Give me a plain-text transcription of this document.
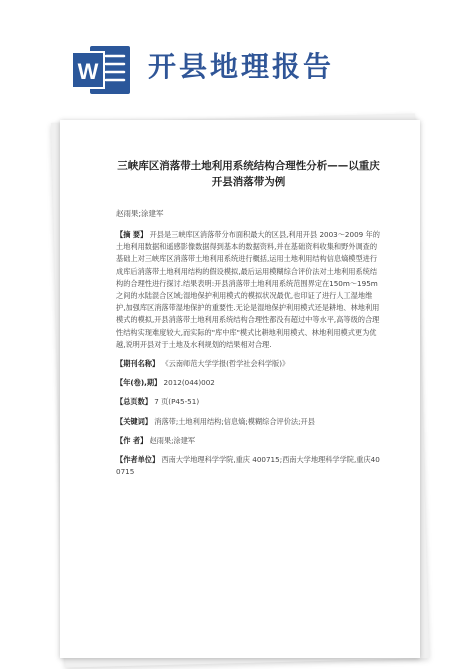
W 开县地理报告
三峡库区消落带土地利用系统结构合理性分析——以重庆开县消落带为例
赵雨果;涂建军
【摘 要】 开县是三峡库区消落带分布面积最大的区县,利用开县 2003～2009 年的土地利用数据和遥感影像数据得到基本的数据资料,并在基础资料收集和野外调查的基础上对三峡库区消落带土地利用系统进行概括,运用土地利用结构信息熵模型进行成库后消落带土地利用结构的假设模拟,最后运用模糊综合评价法对土地利用系统结构的合理性进行探讨.结果表明:开县消落带土地利用系统范围界定在150m～195m 之间的水陆混合区域;湿地保护利用模式的模拟状况最优,也印证了进行人工湿地维护,加强库区消落带湿地保护的重要性.无论是湿地保护利用模式还是耕地、林地利用模式的模拟,开县消落带土地利用系统结构合理性都没有超过中等水平,高等级的合理性结构实现难度较大,而实际的"库中库"模式比耕地利用模式、林地利用模式更为优越,说明开县对于土地及水利规划的结果相对合理.
【期刊名称】 《云南师范大学学报(哲学社会科学版)》
【年(卷),期】 2012(044)002
【总页数】 7 页(P45-51)
【关键词】 消落带;土地利用结构;信息熵;模糊综合评价法;开县
【作 者】 赵雨果;涂建军
【作者单位】 西南大学地理科学学院,重庆 400715;西南大学地理科学学院,重庆400715
